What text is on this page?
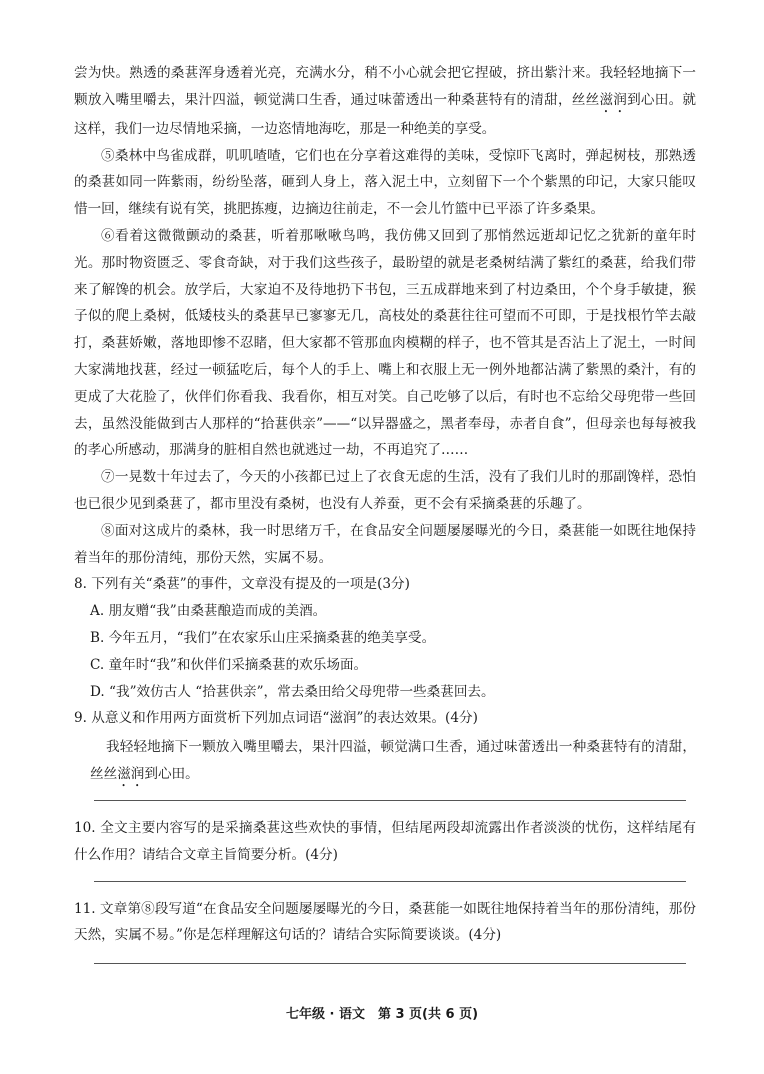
尝为快。熟透的桑葚浑身透着光亮，充满水分，稍不小心就会把它捏破，挤出紫汁来。我轻轻地摘下一颗放入嘴里嚼去，果汁四溢，顿觉满口生香，通过味蕾透出一种桑葚特有的清甜，丝丝滋润到心田。就这样，我们一边尽情地采摘，一边恣情地海吃，那是一种绝美的享受。

⑤桑林中鸟雀成群，叽叽喳喳，它们也在分享着这难得的美味，受惊吓飞离时，弹起树枝，那熟透的桑葚如同一阵紫雨，纷纷坠落，砸到人身上，落入泥土中，立刻留下一个个紫黑的印记，大家只能叹惜一回，继续有说有笑，挑肥拣瘦，边摘边往前走，不一会儿竹篮中已平添了许多桑果。

⑥看着这微微颤动的桑葚，听着那啾啾鸟鸣，我仿佛又回到了那悄然远逝却记忆之犹新的童年时光。那时物资匮乏、零食奇缺，对于我们这些孩子，最盼望的就是老桑树结满了紫红的桑葚，给我们带来了解馋的机会。放学后，大家迫不及待地扔下书包，三五成群地来到了村边桑田，个个身手敏捷，猴子似的爬上桑树，低矮枝头的桑葚早已寥寥无几，高枝处的桑葚往往可望而不可即，于是找根竹竿去敲打，桑葚娇嫩，落地即惨不忍睹，但大家都不管那血肉模糊的样子，也不管其是否沾上了泥土，一时间大家满地找葚，经过一顿猛吃后，每个人的手上、嘴上和衣服上无一例外地都沾满了紫黑的桑汁，有的更成了大花脸了，伙伴们你看我、我看你，相互对笑。自己吃够了以后，有时也不忘给父母兜带一些回去，虽然没能做到古人那样的“拾葚供亲”——“以异器盛之，黑者奉母，赤者自食”，但母亲也每每被我的孝心所感动，那满身的脏相自然也就逃过一劫，不再追究了……

⑦一晃数十年过去了，今天的小孩都已过上了衣食无虑的生活，没有了我们儿时的那副馋样，恐怕也已很少见到桑葚了，都市里没有桑树，也没有人养蚕，更不会有采摘桑葚的乐趣了。

⑧面对这成片的桑林，我一时思绪万千，在食品安全问题屡屡曝光的今日，桑葚能一如既往地保持着当年的那份清纯，那份天然，实属不易。

8. 下列有关“桑葚”的事件，文章没有提及的一项是(3分)

A. 朋友赠“我”由桑葚酿造而成的美酒。

B. 今年五月，“我们”在农家乐山庄采摘桑葚的绝美享受。

C. 童年时“我”和伙伴们采摘桑葚的欢乐场面。

D. “我”效仿古人 “拾葚供亲”，常去桑田给父母兜带一些桑葚回去。

9. 从意义和作用两方面赏析下列加点词语“滋润”的表达效果。(4分)

我轻轻地摘下一颗放入嘴里嚼去，果汁四溢，顿觉满口生香，通过味蕾透出一种桑葚特有的清甜，丝丝滋润到心田。

10. 全文主要内容写的是采摘桑葚这些欢快的事情，但结尾两段却流露出作者淡淡的忧伤，这样结尾有什么作用？请结合文章主旨简要分析。(4分)

11. 文章第⑧段写道“在食品安全问题屡屡曝光的今日，桑葚能一如既往地保持着当年的那份清纯，那份天然，实属不易。”你是怎样理解这句话的？请结合实际简要谈谈。(4分)

七年级 · 语文　第 3 页(共 6 页)
